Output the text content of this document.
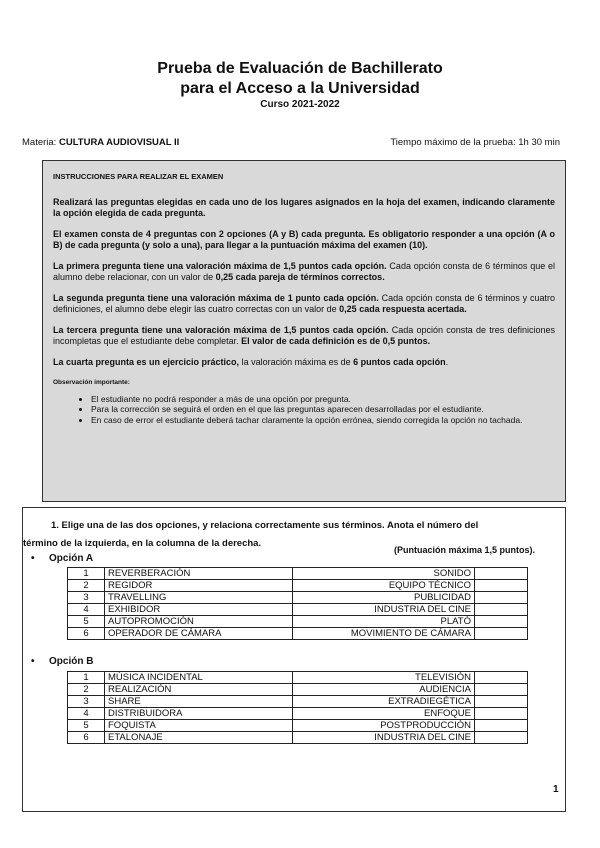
Prueba de Evaluación de Bachillerato
para el Acceso a la Universidad
Curso 2021-2022
Materia: CULTURA AUDIOVISUAL II	Tiempo máximo de la prueba: 1h 30 min

INSTRUCCIONES PARA REALIZAR EL EXAMEN

Realizará las preguntas elegidas en cada uno de los lugares asignados en la hoja del examen, indicando claramente la opción elegida de cada pregunta.

El examen consta de 4 preguntas con 2 opciones (A y B) cada pregunta. Es obligatorio responder a una opción (A o B) de cada pregunta (y solo a una), para llegar a la puntuación máxima del examen (10).

La primera pregunta tiene una valoración máxima de 1,5 puntos cada opción. Cada opción consta de 6 términos que el alumno debe relacionar, con un valor de 0,25 cada pareja de términos correctos.

La segunda pregunta tiene una valoración máxima de 1 punto cada opción. Cada opción consta de 6 términos y cuatro definiciones, el alumno debe elegir las cuatro correctas con un valor de 0,25 cada respuesta acertada.

La tercera pregunta tiene una valoración máxima de 1,5 puntos cada opción. Cada opción consta de tres definiciones incompletas que el estudiante debe completar. El valor de cada definición es de 0,5 puntos.

La cuarta pregunta es un ejercicio práctico, la valoración máxima es de 6 puntos cada opción.

Observación importante:

• El estudiante no podrá responder a más de una opción por pregunta.
• Para la corrección se seguirá el orden en el que las preguntas aparecen desarrolladas por el estudiante.
• En caso de error el estudiante deberá tachar claramente la opción errónea, siendo corregida la opción no tachada.
1. Elige una de las dos opciones, y relaciona correctamente sus términos. Anota el número del
término de la izquierda, en la columna de la derecha.
(Puntuación máxima 1,5 puntos).
• Opción A
1	REVERBERACIÓN	SONIDO	
2	REGIDOR	EQUIPO TÉCNICO	
3	TRAVELLING	PUBLICIDAD	
4	EXHIBIDOR	INDUSTRIA DEL CINE	
5	AUTOPROMOCIÓN	PLATÓ	
6	OPERADOR DE CÁMARA	MOVIMIENTO DE CÁMARA	
• Opción B
1	MÚSICA INCIDENTAL	TELEVISIÓN	
2	REALIZACIÓN	AUDIENCIA	
3	SHARE	EXTRADIEGÉTICA	
4	DISTRIBUIDORA	ENFOQUE	
5	FOQUISTA	POSTPRODUCCIÓN	
6	ETALONAJE	INDUSTRIA DEL CINE	
1
